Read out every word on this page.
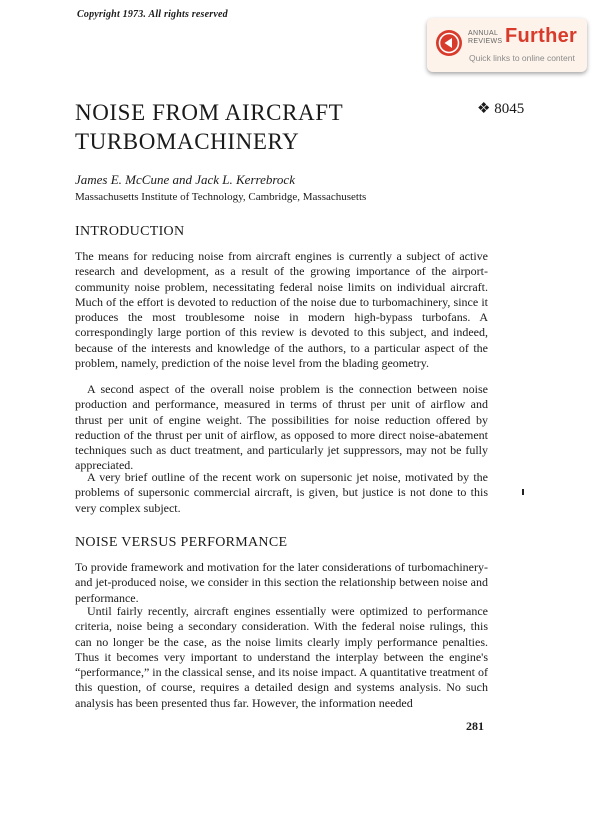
Copyright 1973. All rights reserved
ANNUAL
REVIEWS Further
Quick links to online content
NOISE FROM AIRCRAFT TURBOMACHINERY
❖ 8045
James E. McCune and Jack L. Kerrebrock
Massachusetts Institute of Technology, Cambridge, Massachusetts
INTRODUCTION

The means for reducing noise from aircraft engines is currently a subject of active research and development, as a result of the growing importance of the airport-community noise problem, necessitating federal noise limits on individual aircraft. Much of the effort is devoted to reduction of the noise due to turbomachinery, since it produces the most troublesome noise in modern high-bypass turbofans. A correspondingly large portion of this review is devoted to this subject, and indeed, because of the interests and knowledge of the authors, to a particular aspect of the problem, namely, prediction of the noise level from the blading geometry.

A second aspect of the overall noise problem is the connection between noise production and performance, measured in terms of thrust per unit of airflow and thrust per unit of engine weight. The possibilities for noise reduction offered by reduction of the thrust per unit of airflow, as opposed to more direct noise-abatement techniques such as duct treatment, and particularly jet suppressors, may not be fully appreciated.

A very brief outline of the recent work on supersonic jet noise, motivated by the problems of supersonic commercial aircraft, is given, but justice is not done to this very complex subject.

NOISE VERSUS PERFORMANCE

To provide framework and motivation for the later considerations of turbomachinery- and jet-produced noise, we consider in this section the relationship between noise and performance.

Until fairly recently, aircraft engines essentially were optimized to performance criteria, noise being a secondary consideration. With the federal noise rulings, this can no longer be the case, as the noise limits clearly imply performance penalties. Thus it becomes very important to understand the interplay between the engine's “performance,” in the classical sense, and its noise impact. A quantitative treatment of this question, of course, requires a detailed design and systems analysis. No such analysis has been presented thus far. However, the information needed

281
